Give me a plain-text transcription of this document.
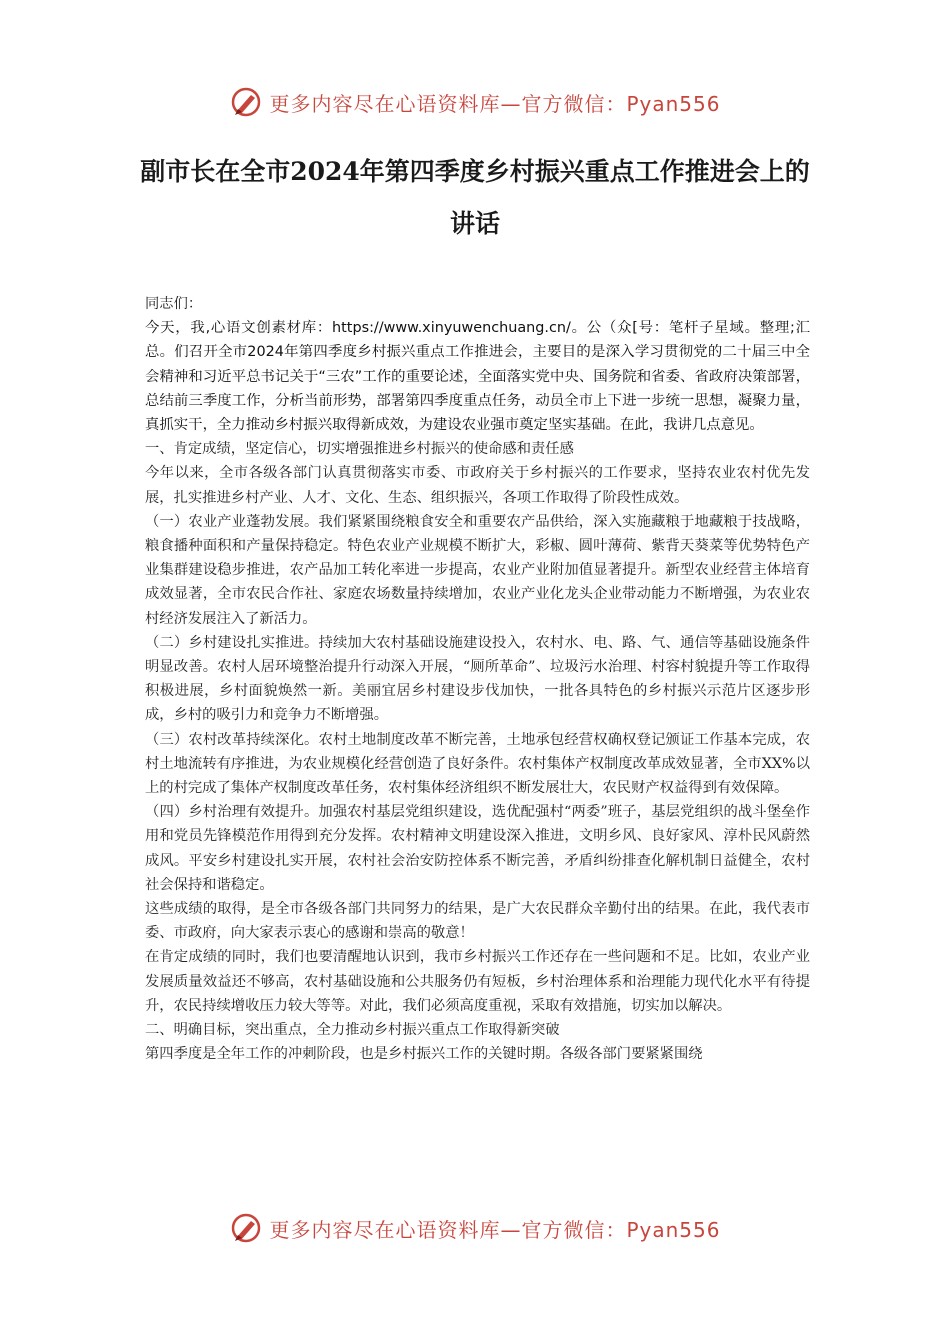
更多内容尽在心语资料库—官方微信：Pyan556
副市长在全市2024年第四季度乡村振兴重点工作推进会上的讲话

同志们：

今天，我,心语文创素材库：https://www.xinyuwenchuang.cn/。公（众[号：笔杆子星域。整理;汇总。们召开全市2024年第四季度乡村振兴重点工作推进会，主要目的是深入学习贯彻党的二十届三中全会精神和习近平总书记关于“三农”工作的重要论述，全面落实党中央、国务院和省委、省政府决策部署，总结前三季度工作，分析当前形势，部署第四季度重点任务，动员全市上下进一步统一思想，凝聚力量，真抓实干，全力推动乡村振兴取得新成效，为建设农业强市奠定坚实基础。在此，我讲几点意见。

一、肯定成绩，坚定信心，切实增强推进乡村振兴的使命感和责任感

今年以来，全市各级各部门认真贯彻落实市委、市政府关于乡村振兴的工作要求，坚持农业农村优先发展，扎实推进乡村产业、人才、文化、生态、组织振兴，各项工作取得了阶段性成效。

（一）农业产业蓬勃发展。我们紧紧围绕粮食安全和重要农产品供给，深入实施藏粮于地藏粮于技战略，粮食播种面积和产量保持稳定。特色农业产业规模不断扩大，彩椒、圆叶薄荷、紫背天葵菜等优势特色产业集群建设稳步推进，农产品加工转化率进一步提高，农业产业附加值显著提升。新型农业经营主体培育成效显著，全市农民合作社、家庭农场数量持续增加，农业产业化龙头企业带动能力不断增强，为农业农村经济发展注入了新活力。

（二）乡村建设扎实推进。持续加大农村基础设施建设投入，农村水、电、路、气、通信等基础设施条件明显改善。农村人居环境整治提升行动深入开展，“厕所革命”、垃圾污水治理、村容村貌提升等工作取得积极进展，乡村面貌焕然一新。美丽宜居乡村建设步伐加快，一批各具特色的乡村振兴示范片区逐步形成，乡村的吸引力和竞争力不断增强。

（三）农村改革持续深化。农村土地制度改革不断完善，土地承包经营权确权登记颁证工作基本完成，农村土地流转有序推进，为农业规模化经营创造了良好条件。农村集体产权制度改革成效显著，全市XX%以上的村完成了集体产权制度改革任务，农村集体经济组织不断发展壮大，农民财产权益得到有效保障。

（四）乡村治理有效提升。加强农村基层党组织建设，选优配强村“两委”班子，基层党组织的战斗堡垒作用和党员先锋模范作用得到充分发挥。农村精神文明建设深入推进，文明乡风、良好家风、淳朴民风蔚然成风。平安乡村建设扎实开展，农村社会治安防控体系不断完善，矛盾纠纷排查化解机制日益健全，农村社会保持和谐稳定。

这些成绩的取得，是全市各级各部门共同努力的结果，是广大农民群众辛勤付出的结果。在此，我代表市委、市政府，向大家表示衷心的感谢和崇高的敬意！

在肯定成绩的同时，我们也要清醒地认识到，我市乡村振兴工作还存在一些问题和不足。比如，农业产业发展质量效益还不够高，农村基础设施和公共服务仍有短板，乡村治理体系和治理能力现代化水平有待提升，农民持续增收压力较大等等。对此，我们必须高度重视，采取有效措施，切实加以解决。

二、明确目标，突出重点，全力推动乡村振兴重点工作取得新突破

第四季度是全年工作的冲刺阶段，也是乡村振兴工作的关键时期。各级各部门要紧紧围绕

更多内容尽在心语资料库—官方微信：Pyan556
